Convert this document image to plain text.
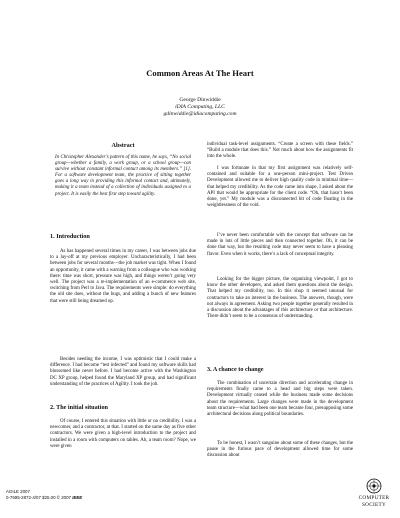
Common Areas At The Heart
George Dinwiddie
iDIA Computing, LLC
gdinwiddie@idiacomputing.com
Abstract
In Christopher Alexander’s pattern of this name, he says, “No social group—whether a family, a work group, or a school group—can survive without constant informal contact among its members.” [1]. For a software development team, the practice of sitting together goes a long way in providing this informal contact and, ultimately, making it a team instead of a collection of individuals assigned to a project. It is easily the best first step toward agility.
1. Introduction
As has happened several times in my career, I was between jobs due to a lay-off at my previous employer. Uncharacteristically, I had been between jobs for several months—the job market was tight. When I found an opportunity, it came with a warning from a colleague who was working there: time was short, pressure was high, and things weren’t going very well. The project was a re-implementation of an e-commerce web site, switching from Perl to Java. The requirements were simple: do everything the old site does, without the bugs, and adding a bunch of new features that were still being dreamed up.
Besides needing the income, I was optimistic that I could make a difference. I had become “test infected” and found my software skills had blossomed like never before. I had become active with the Washington DC XP group, helped found the Maryland XP group, and had significant understanding of the practices of Agility. I took the job.
2. The initial situation
Of course, I entered this situation with little or no credibility. I was a newcomer, and a contractor, at that. I started on the same day as five other contractors. We were given a high-level introduction to the project and installed in a room with computers on tables. Ah, a team room? Nope, we were given
individual task-level assignments. “Create a screen with these fields.” “Build a module that does this.” Not much about how the assignments fit into the whole.
I was fortunate in that my first assignment was relatively self-contained and suitable for a one-person mini-project. Test Driven Development allowed me to deliver high quality code in minimal time—that helped my credibility. As the code came into shape, I asked about the API that would be appropriate for the client code. “Oh, that hasn’t been done, yet.” My module was a disconnected bit of code floating in the weightlessness of the void.
I’ve never been comfortable with the concept that software can be made in lots of little pieces and then connected together. Oh, it can be done that way, but the resulting code may never seem to have a pleasing flavor. Even when it works, there’s a lack of conceptual integrity.
Looking for the bigger picture, the organizing viewpoint, I got to know the other developers, and asked them questions about the design. That helped my credibility, too. In this shop it seemed unusual for contractors to take an interest in the business. The answers, though, were not always in agreement. Asking two people together generally resulted in a discussion about the advantages of this architecture or that architecture. There didn’t seem to be a consensus of understanding.
3. A chance to change
The combination of uncertain direction and accelerating change in requirements finally came to a head and big steps were taken. Development virtually ceased while the business made some decisions about the requirements. Large changes were made in the development team structure—what had been one team became four, presupposing some architectural decisions along political boundaries.
To be honest, I wasn’t sanguine about some of these changes, but the pause in the furious pace of development allowed time for some discussion about
AGILE 2007
0-7695-2872-4/07 $25.00 © 2007 IEEE	COMPUTER
SOCIETY
